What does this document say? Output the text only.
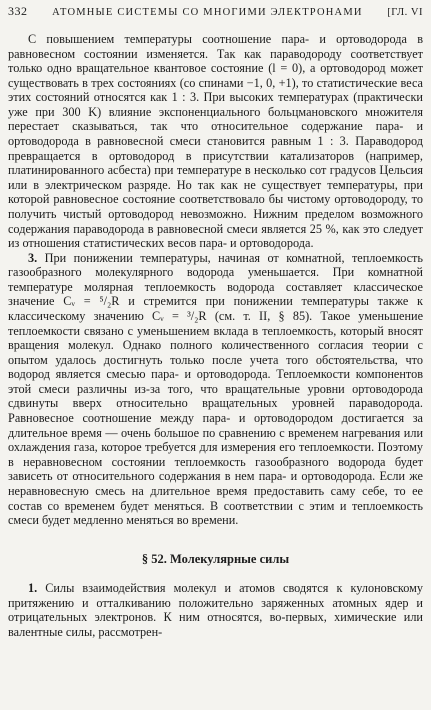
332 АТОМНЫЕ СИСТЕМЫ СО МНОГИМИ ЭЛЕКТРОНАМИ [ГЛ. VI

С повышением температуры соотношение пара- и ортоводорода в равновесном состоянии изменяется. Так как параводороду соответствует только одно вращательное квантовое состояние (l = 0), а ортоводород может существовать в трех состояниях (со спинами −1, 0, +1), то статистические веса этих состояний относятся как 1 : 3. При высоких температурах (практически уже при 300 K) влияние экспоненциального больцмановского множителя перестает сказываться, так что относительное содержание пара- и ортоводорода в равновесной смеси становится равным 1 : 3. Параводород превращается в ортоводород в присутствии катализаторов (например, платинированного асбеста) при температуре в несколько сот градусов Цельсия или в электрическом разряде. Но так как не существует температуры, при которой равновесное состояние соответствовало бы чистому ортоводороду, то получить чистый ортоводород невозможно. Нижним пределом возможного содержания параводорода в равновесной смеси является 25 %, как это следует из отношения статистических весов пара- и ортоводорода.

3. При понижении температуры, начиная от комнатной, теплоемкость газообразного молекулярного водорода уменьшается. При комнатной температуре молярная теплоемкость водорода составляет классическое значение Cᵥ = ⁵/₂R и стремится при понижении температуры также к классическому значению Cᵥ = ³/₂R (см. т. II, § 85). Такое уменьшение теплоемкости связано с уменьшением вклада в теплоемкость, который вносят вращения молекул. Однако полного количественного согласия теории с опытом удалось достигнуть только после учета того обстоятельства, что водород является смесью пара- и ортоводорода. Теплоемкости компонентов этой смеси различны из-за того, что вращательные уровни ортоводорода сдвинуты вверх относительно вращательных уровней параводорода. Равновесное соотношение между пара- и ортоводородом достигается за длительное время — очень большое по сравнению с временем нагревания или охлаждения газа, которое требуется для измерения его теплоемкости. Поэтому в неравновесном состоянии теплоемкость газообразного водорода будет зависеть от относительного содержания в нем пара- и ортоводорода. Если же неравновесную смесь на длительное время предоставить саму себе, то ее состав со временем будет меняться. В соответствии с этим и теплоемкость смеси будет медленно меняться во времени.

§ 52. Молекулярные силы

1. Силы взаимодействия молекул и атомов сводятся к кулоновскому притяжению и отталкиванию положительно заряженных атомных ядер и отрицательных электронов. К ним относятся, во-первых, химические или валентные силы, рассмотрен-
